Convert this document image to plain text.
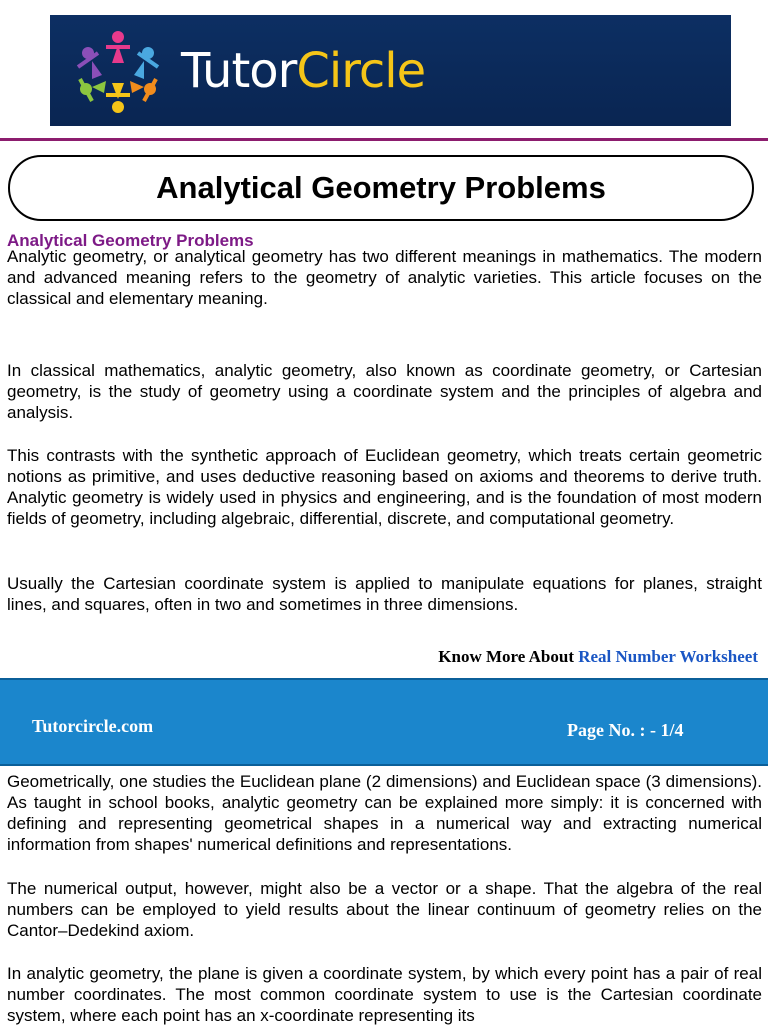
TutorCircle
Analytical Geometry Problems
Analytical Geometry Problems

Analytic geometry, or analytical geometry has two different meanings in mathematics. The modern and advanced meaning refers to the geometry of analytic varieties. This article focuses on the classical and elementary meaning.

In classical mathematics, analytic geometry, also known as coordinate geometry, or Cartesian geometry, is the study of geometry using a coordinate system and the principles of algebra and analysis.

This contrasts with the synthetic approach of Euclidean geometry, which treats certain geometric notions as primitive, and uses deductive reasoning based on axioms and theorems to derive truth. Analytic geometry is widely used in physics and engineering, and is the foundation of most modern fields of geometry, including algebraic, differential, discrete, and computational geometry.

Usually the Cartesian coordinate system is applied to manipulate equations for planes, straight lines, and squares, often in two and sometimes in three dimensions.

Know More About Real Number Worksheet
Tutorcircle.com	Page No. : - 1/4

Geometrically, one studies the Euclidean plane (2 dimensions) and Euclidean space (3 dimensions). As taught in school books, analytic geometry can be explained more simply: it is concerned with defining and representing geometrical shapes in a numerical way and extracting numerical information from shapes' numerical definitions and representations.

The numerical output, however, might also be a vector or a shape. That the algebra of the real numbers can be employed to yield results about the linear continuum of geometry relies on the Cantor–Dedekind axiom.

In analytic geometry, the plane is given a coordinate system, by which every point has a pair of real number coordinates. The most common coordinate system to use is the Cartesian coordinate system, where each point has an x-coordinate representing its
